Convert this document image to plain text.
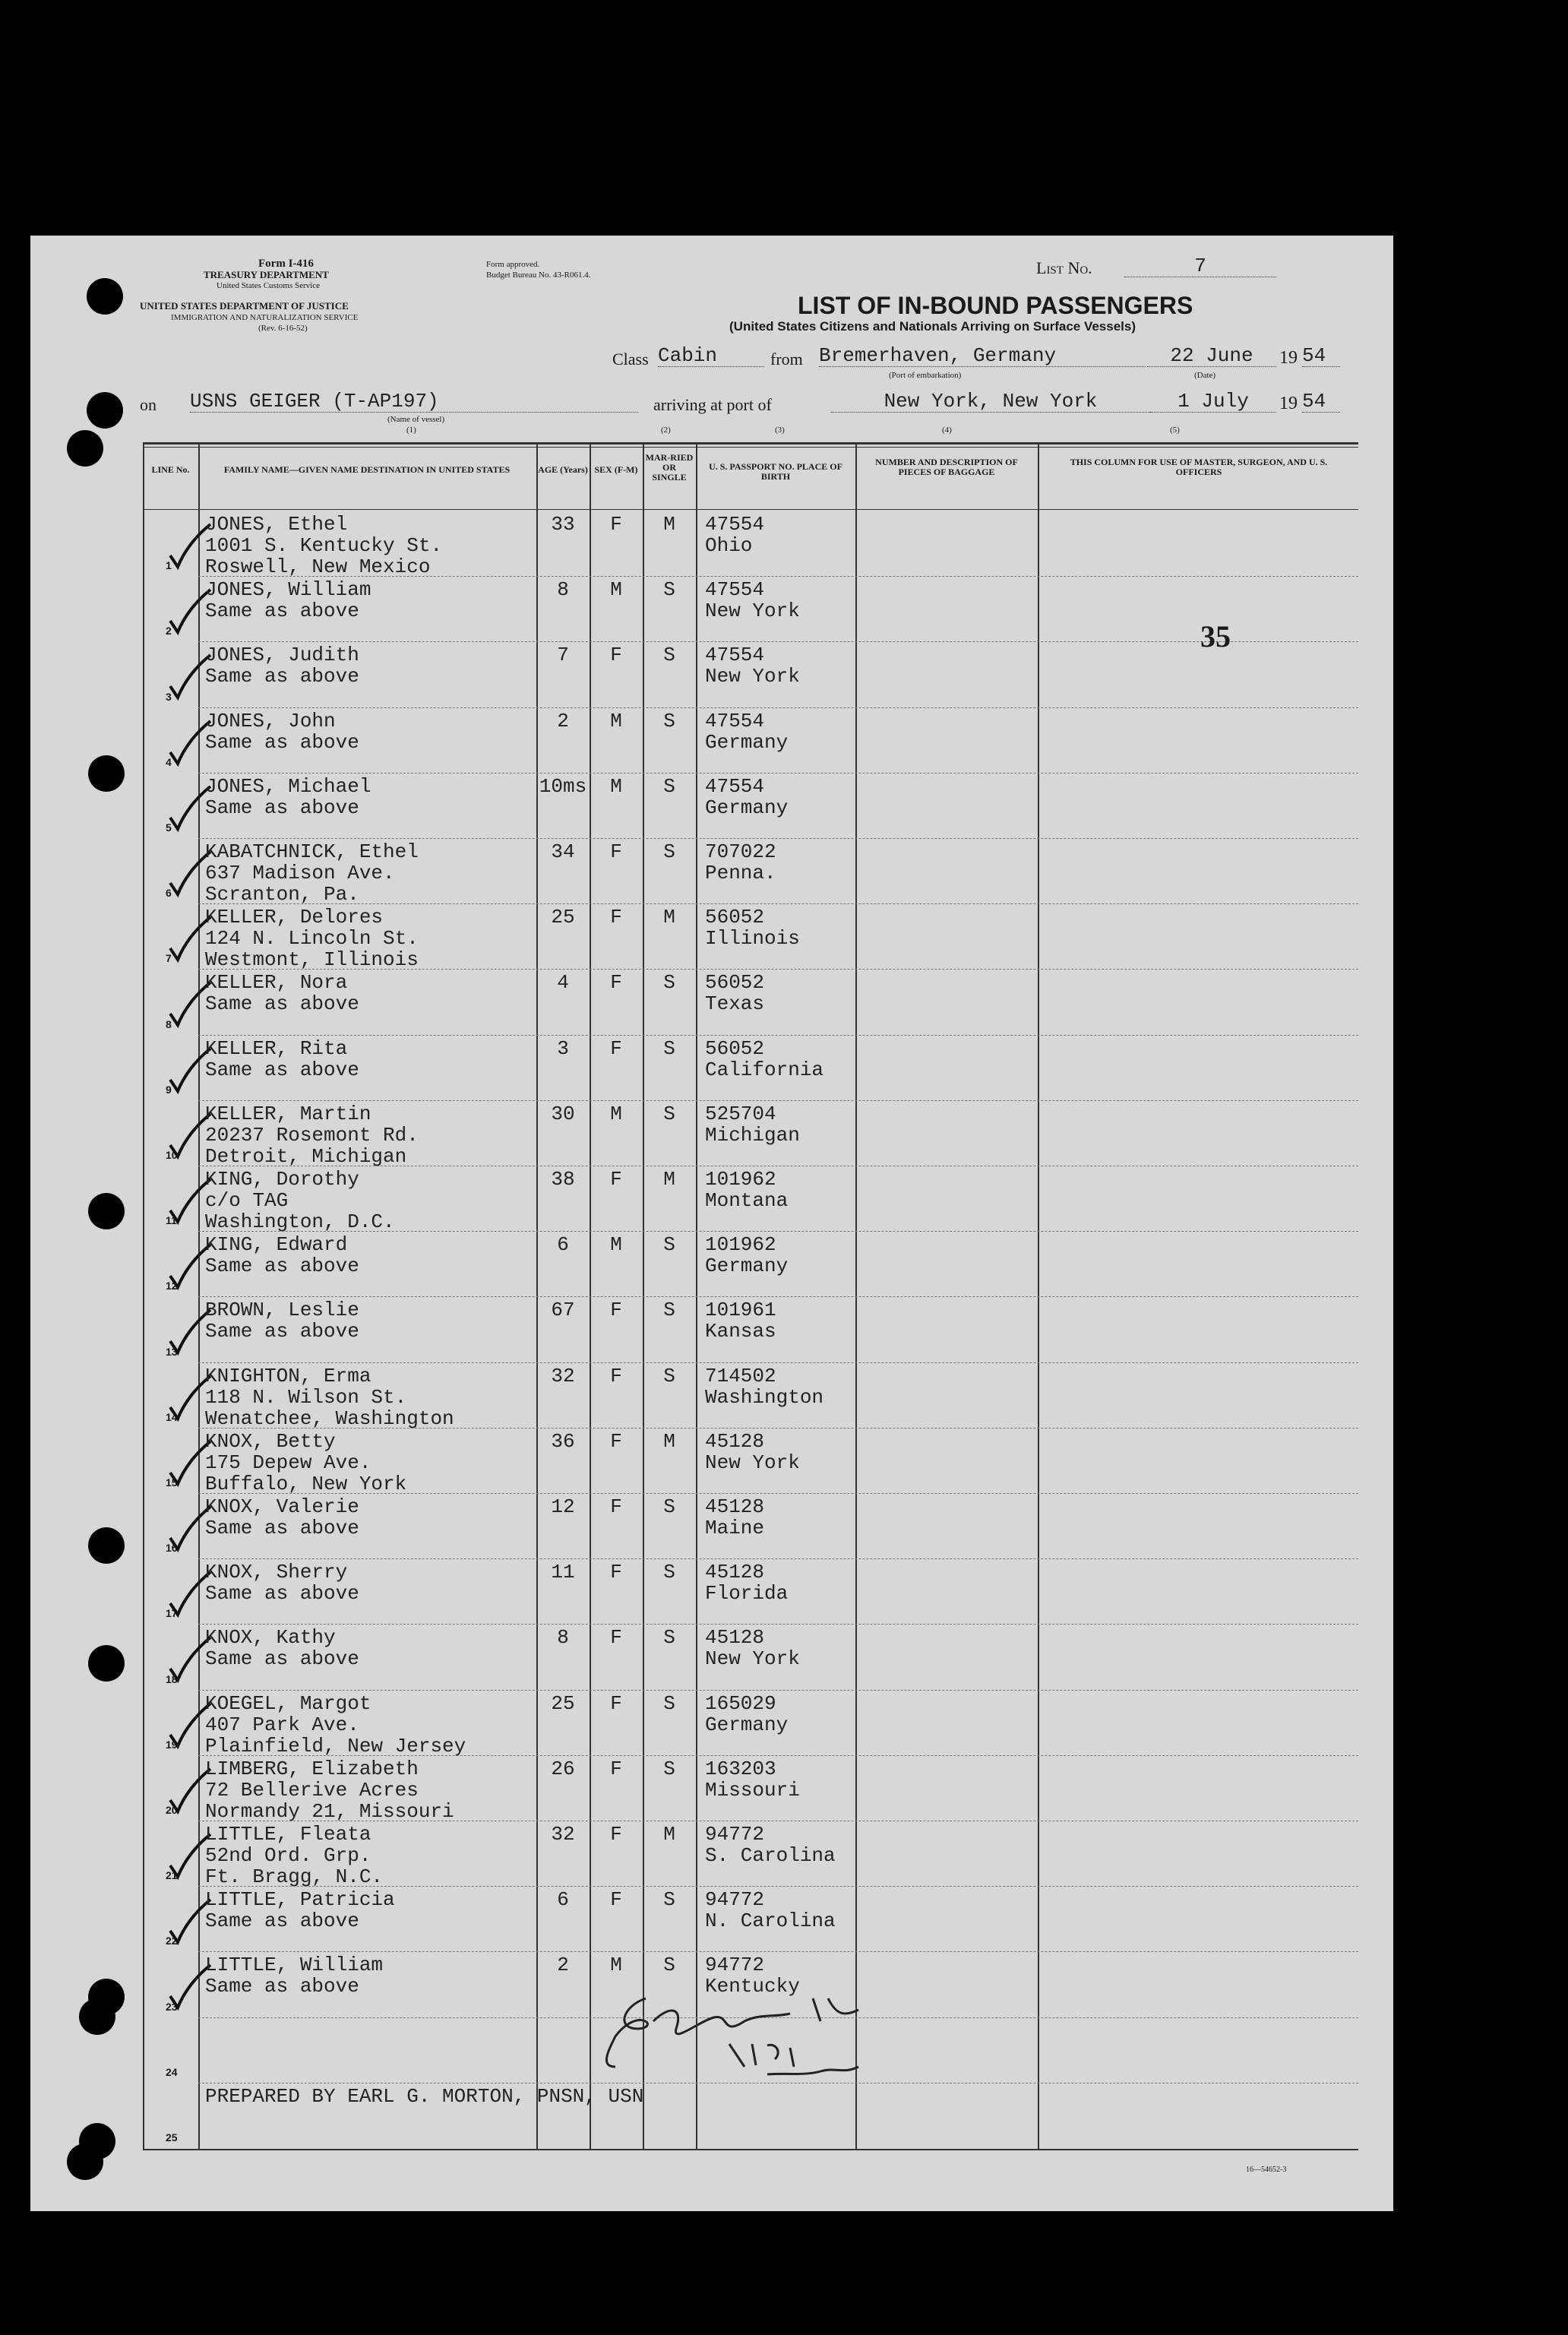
Form I-416
TREASURY DEPARTMENT
United States Customs Service
UNITED STATES DEPARTMENT OF JUSTICE
IMMIGRATION AND NATURALIZATION SERVICE
(Rev. 6-16-52)
Form approved.
Budget Bureau No. 43-R061.4.	List No.	7
LIST OF IN-BOUND PASSENGERS
(United States Citizens and Nationals Arriving on Surface Vessels)
Class Cabin	from Bremerhaven, Germany
(Port of embarkation)
22 June
(Date)
19 54
on USNS GEIGER (T-AP197)
(Name of vessel)
(1)
arriving at port of	New York, New York	1 July	19 54
(2)	(3)	(4)	(5)
LINE No.	FAMILY NAME—GIVEN NAME DESTINATION IN UNITED STATES	AGE (Years) SEX (F-M)
MAR-RIED OR SINGLE
U. S. PASSPORT NO. PLACE OF BIRTH
NUMBER AND DESCRIPTION OF PIECES OF BAGGAGE
THIS COLUMN FOR USE OF MASTER, SURGEON, AND U. S. OFFICERS
1
JONES, Ethel
1001 S. Kentucky St.
Roswell, New Mexico
33	F	M	47554
Ohio
2
JONES, William
Same as above
8	M	S	47554
New York
3
JONES, Judith
Same as above
7	F	S	47554
New York
4
JONES, John
Same as above
2	M	S	47554
Germany
5
JONES, Michael
Same as above
10ms	M	S	47554
Germany
6
KABATCHNICK, Ethel
637 Madison Ave.
Scranton, Pa.
34	F	S	707022
Penna.
7
KELLER, Delores
124 N. Lincoln St.
Westmont, Illinois
25	F	M	56052
Illinois
8
KELLER, Nora
Same as above
4	F	S	56052
Texas
9
KELLER, Rita
Same as above
3	F	S	56052
California
10
KELLER, Martin
20237 Rosemont Rd.
Detroit, Michigan
30	M	S	525704
Michigan
11
KING, Dorothy
c/o TAG
Washington, D.C.
38	F	M	101962
Montana
12
KING, Edward
Same as above
6	M	S	101962
Germany
13
BROWN, Leslie
Same as above
67	F	S	101961
Kansas
14
KNIGHTON, Erma
118 N. Wilson St.
Wenatchee, Washington
32	F	S	714502
Washington
15
KNOX, Betty
175 Depew Ave.
Buffalo, New York
36	F	M	45128
New York
16
KNOX, Valerie
Same as above
12	F	S	45128
Maine
17
KNOX, Sherry
Same as above
11	F	S	45128
Florida
18
KNOX, Kathy
Same as above
8	F	S	45128
New York
19
KOEGEL, Margot
407 Park Ave.
Plainfield, New Jersey
25	F	S	165029
Germany
20
LIMBERG, Elizabeth
72 Bellerive Acres
Normandy 21, Missouri
26	F	S	163203
Missouri
21
LITTLE, Fleata
52nd Ord. Grp.
Ft. Bragg, N.C.
32	F	M	94772
S. Carolina
22
LITTLE, Patricia
Same as above
6	F	S	94772
N. Carolina
23
LITTLE, William
Same as above
2	M	S	94772
Kentucky
24
25
PREPARED BY EARL G. MORTON, PNSN, USN
35
16—54652-3
